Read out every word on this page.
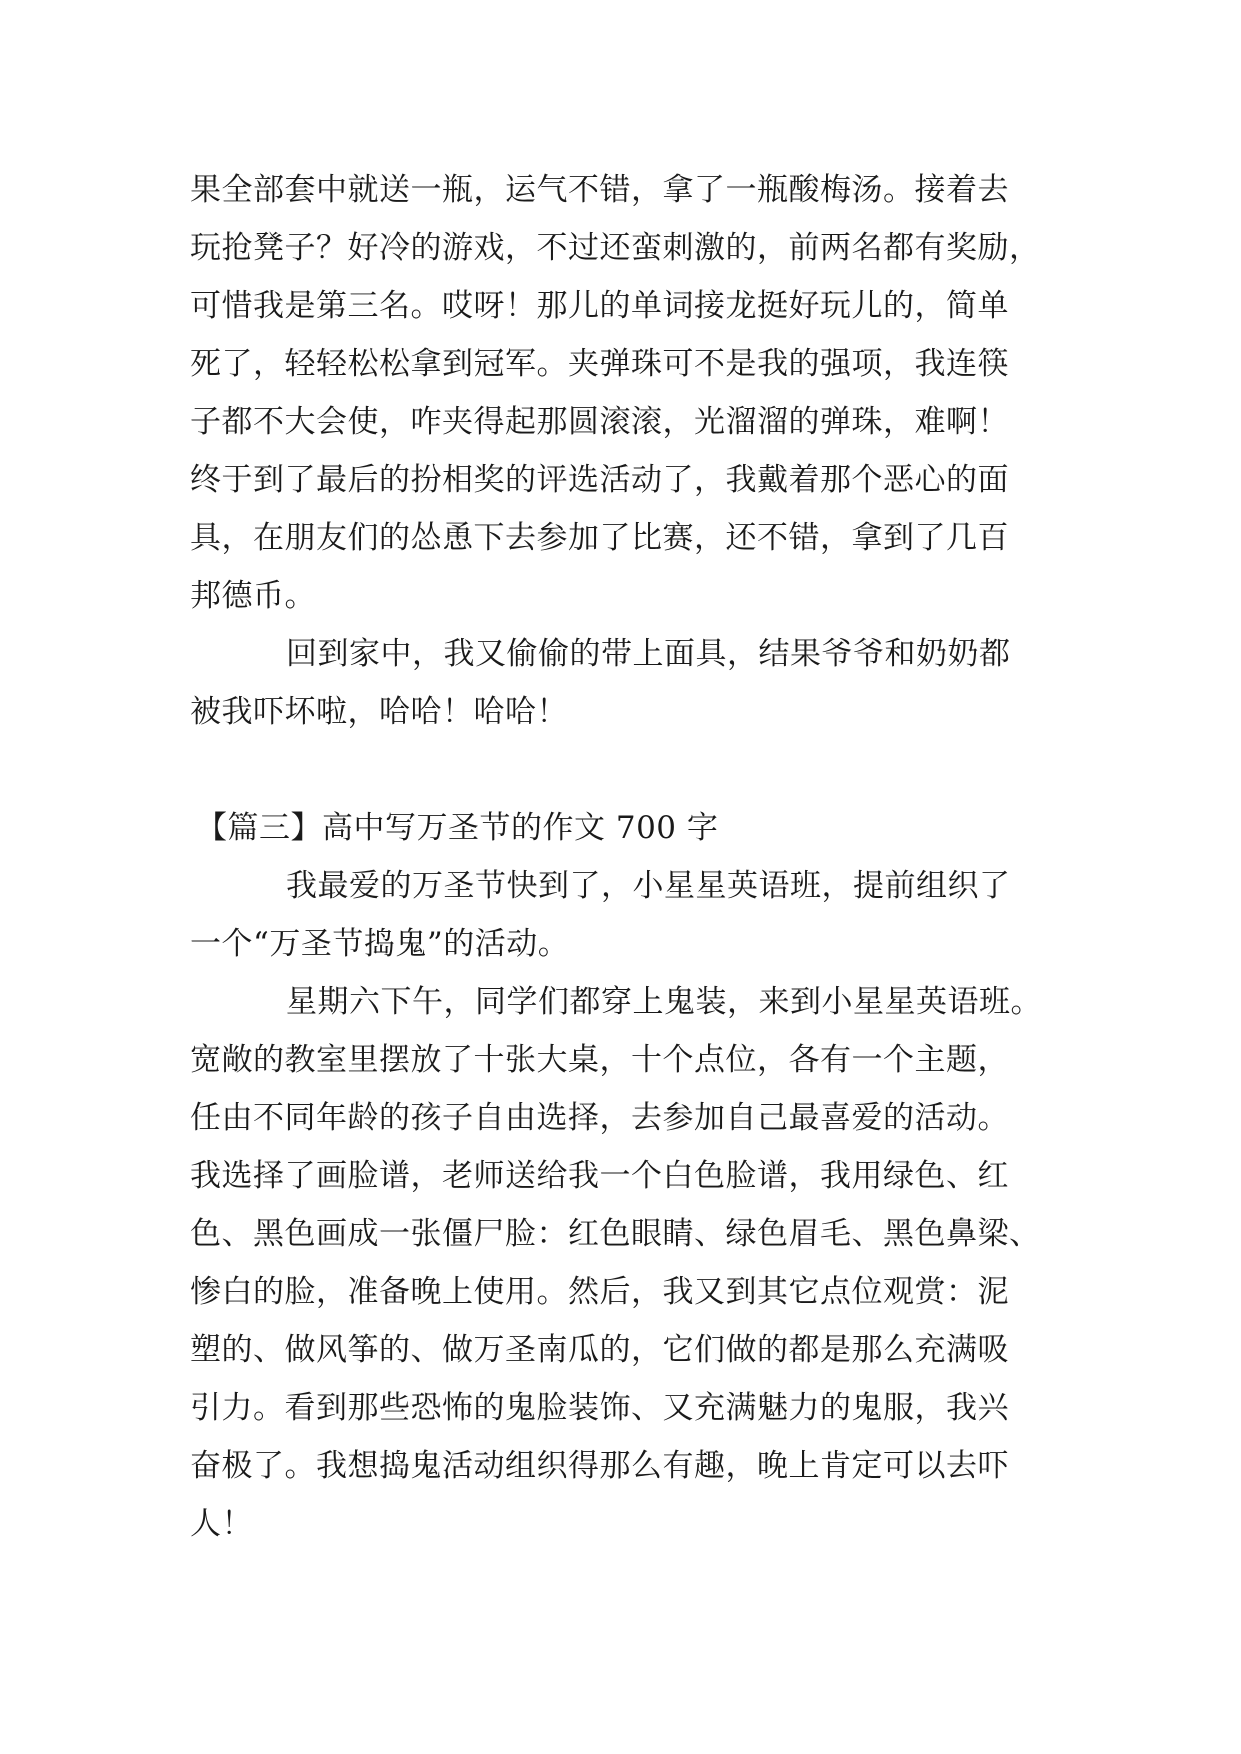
果全部套中就送一瓶，运气不错，拿了一瓶酸梅汤。接着去
玩抢凳子？好冷的游戏，不过还蛮刺激的，前两名都有奖励，
可惜我是第三名。哎呀！那儿的单词接龙挺好玩儿的，简单
死了，轻轻松松拿到冠军。夹弹珠可不是我的强项，我连筷
子都不大会使，咋夹得起那圆滚滚，光溜溜的弹珠，难啊！
终于到了最后的扮相奖的评选活动了，我戴着那个恶心的面
具，在朋友们的怂恿下去参加了比赛，还不错，拿到了几百
邦德币。
回到家中，我又偷偷的带上面具，结果爷爷和奶奶都
被我吓坏啦，哈哈！哈哈！
【篇三】高中写万圣节的作文 700 字
我最爱的万圣节快到了，小星星英语班，提前组织了
一个“万圣节捣鬼”的活动。
星期六下午，同学们都穿上鬼装，来到小星星英语班。
宽敞的教室里摆放了十张大桌，十个点位，各有一个主题，
任由不同年龄的孩子自由选择，去参加自己最喜爱的活动。
我选择了画脸谱，老师送给我一个白色脸谱，我用绿色、红
色、黑色画成一张僵尸脸：红色眼睛、绿色眉毛、黑色鼻梁、
惨白的脸，准备晚上使用。然后，我又到其它点位观赏：泥
塑的、做风筝的、做万圣南瓜的，它们做的都是那么充满吸
引力。看到那些恐怖的鬼脸装饰、又充满魅力的鬼服，我兴
奋极了。我想捣鬼活动组织得那么有趣，晚上肯定可以去吓
人！
